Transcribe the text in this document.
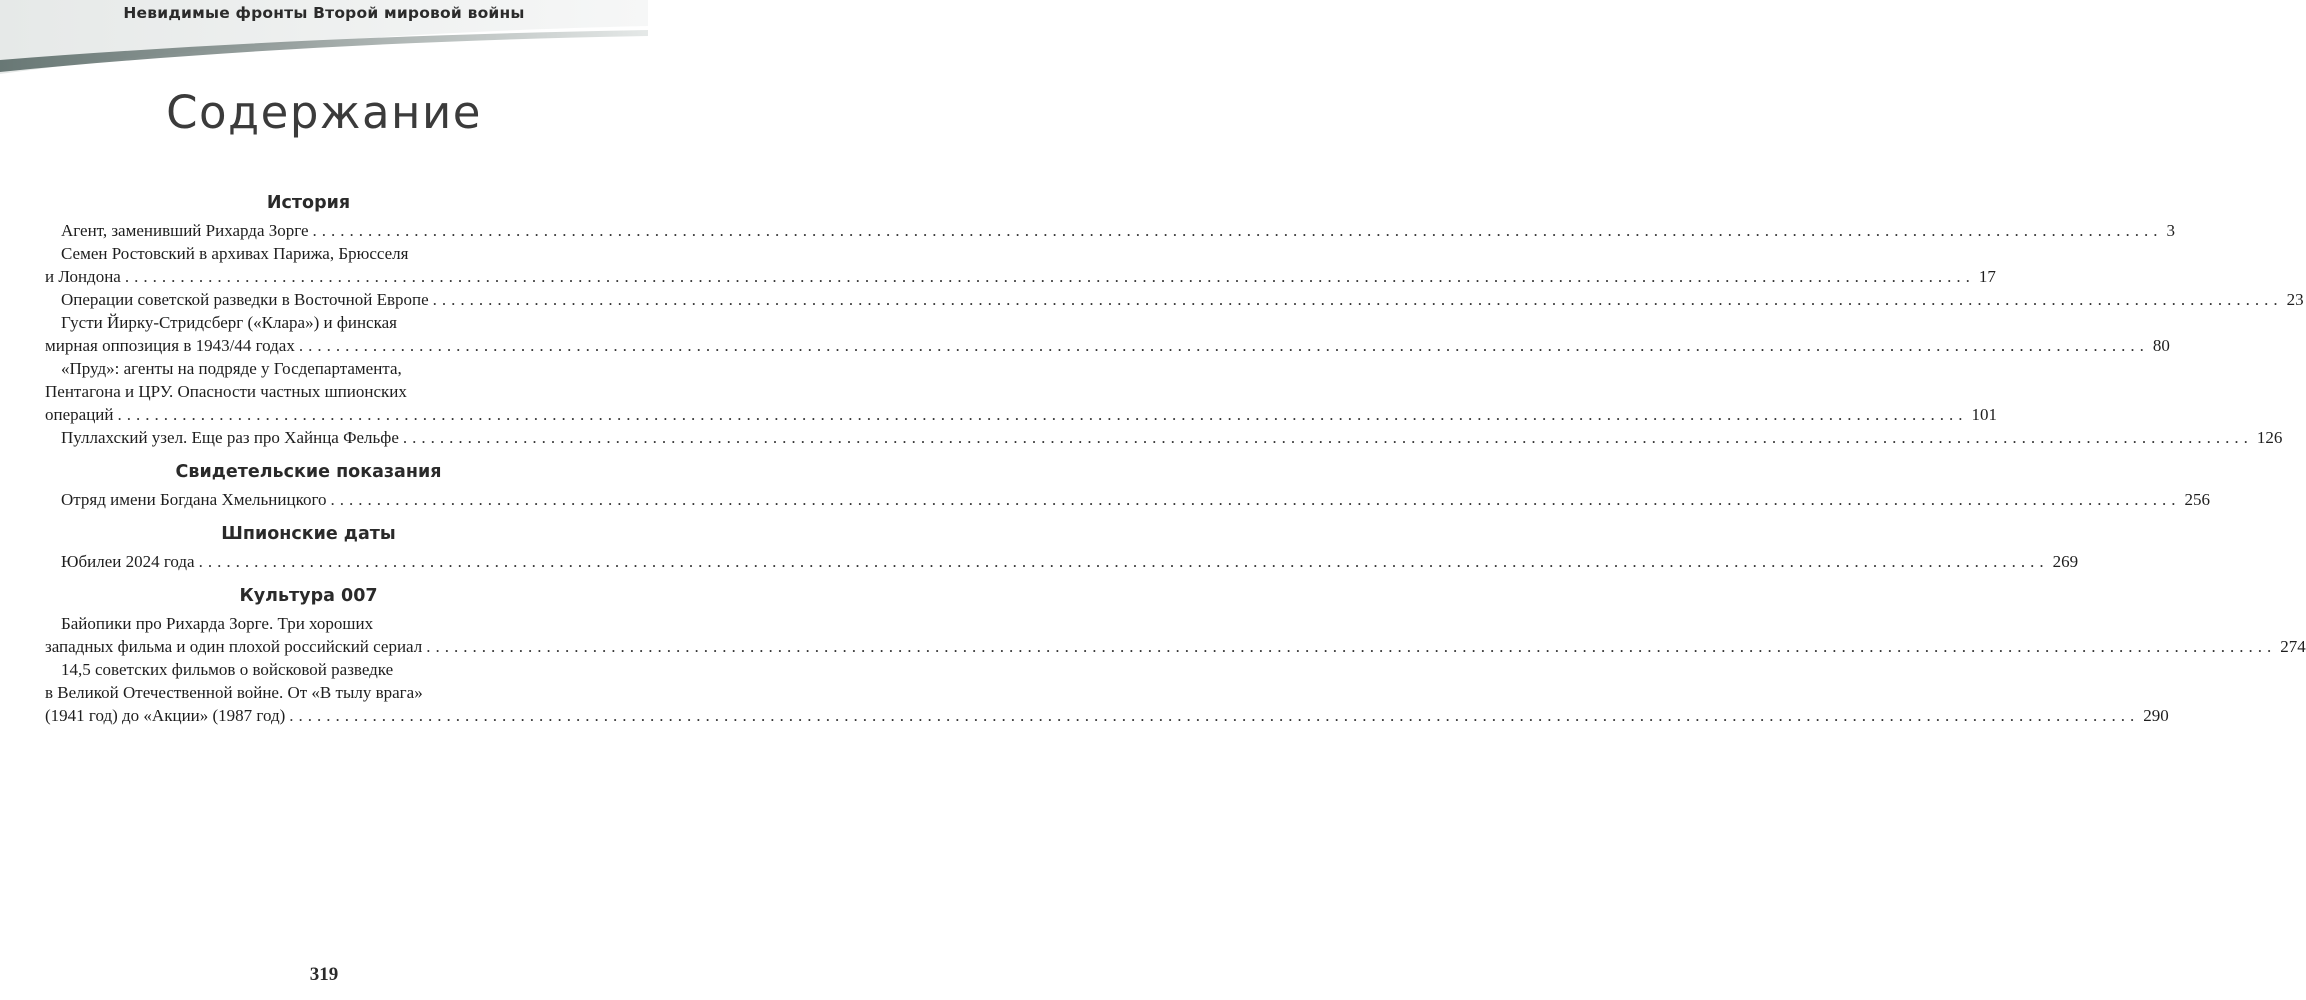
Невидимые фронты Второй мировой войны
Содержание
История
Агент, заменивший Рихарда Зорге ........................................................................................................................................................................................................ 3
Семен Ростовский в архивах Парижа, Брюсселя
и Лондона ........................................................................................................................................................................................................ 17
Операции советской разведки в Восточной Европе ........................................................................................................................................................................................................ 23
Густи Йирку-Стридсберг («Клара») и финская
мирная оппозиция в 1943/44 годах ........................................................................................................................................................................................................ 80
«Пруд»: агенты на подряде у Госдепартамента,
Пентагона и ЦРУ. Опасности частных шпионских
операций ........................................................................................................................................................................................................ 101
Пуллахский узел. Еще раз про Хайнца Фельфе ........................................................................................................................................................................................................ 126
Свидетельские показания
Отряд имени Богдана Хмельницкого ........................................................................................................................................................................................................ 256
Шпионские даты
Юбилеи 2024 года ........................................................................................................................................................................................................ 269
Культура 007
Байопики про Рихарда Зорге. Три хороших
западных фильма и один плохой российский сериал ........................................................................................................................................................................................................ 274
14,5 советских фильмов о войсковой разведке
в Великой Отечественной войне. От «В тылу врага»
(1941 год) до «Акции» (1987 год) ........................................................................................................................................................................................................ 290
319
